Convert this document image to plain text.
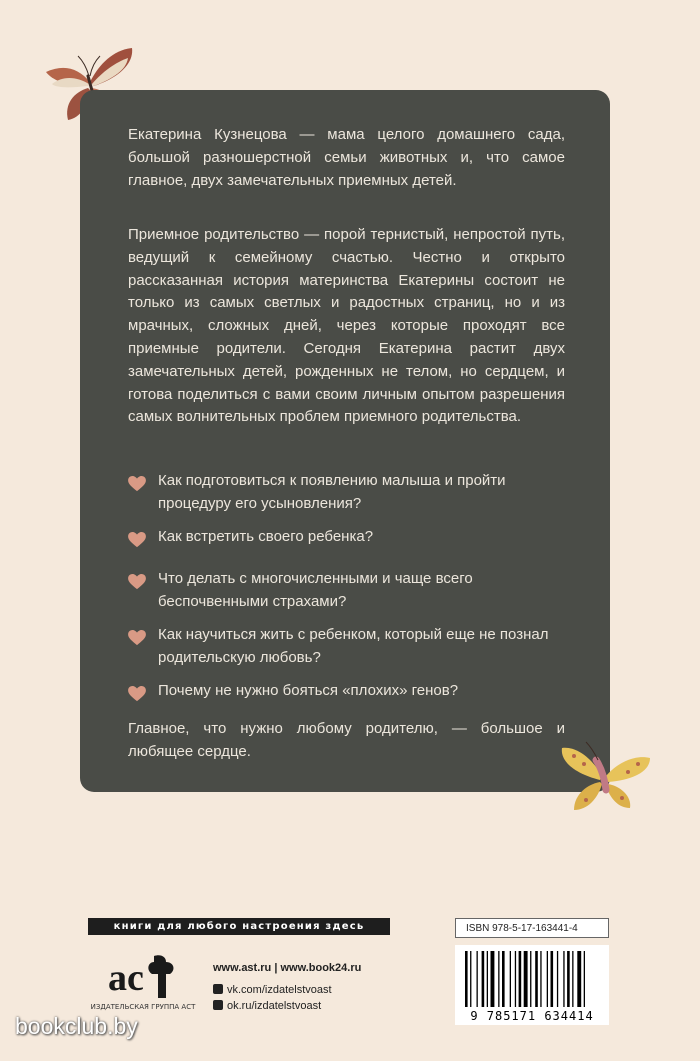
Екатерина Кузнецова — мама целого домашнего сада, большой разношерстной семьи животных и, что самое главное, двух замечательных приемных детей.

Приемное родительство — порой тернистый, непростой путь, ведущий к семейному счастью. Честно и открыто рассказанная история материнства Екатерины состоит не только из самых светлых и радостных страниц, но и из мрачных, сложных дней, через которые проходят все приемные родители. Сегодня Екатерина растит двух замечательных детей, рожденных не телом, но сердцем, и готова поделиться с вами своим личным опытом разрешения самых волнительных проблем приемного родительства.

Как подготовиться к появлению малыша и пройти процедуру его усыновления?
Как встретить своего ребенка?
Что делать с многочисленными и чаще всего беспочвенными страхами?
Как научиться жить с ребенком, который еще не познал родительскую любовь?
Почему не нужно бояться «плохих» генов?

Главное, что нужно любому родителю, — большое и любящее сердце.

книги для любого настроения здесь
ac
ИЗДАТЕЛЬСКАЯ ГРУППА АСТ
www.ast.ru | www.book24.ru
vk.com/izdatelstvoast
ok.ru/izdatelstvoast
ISBN 978-5-17-163441-4
9 785171 634414
bookclub.by
